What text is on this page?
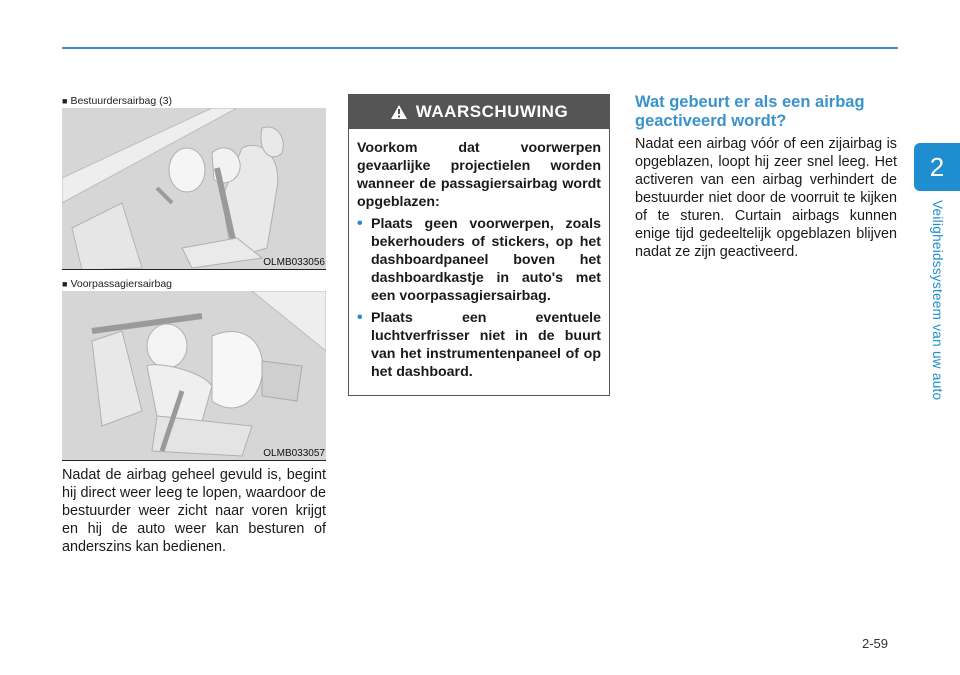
■ Bestuurdersairbag (3)
OLMB033056
■ Voorpassagiersairbag
OLMB033057
Nadat de airbag geheel gevuld is, begint hij direct weer leeg te lopen, waardoor de bestuurder weer zicht naar voren krijgt en hij de auto weer kan besturen of anderszins kan bedienen.
WAARSCHUWING

Voorkom dat voorwerpen gevaarlijke projectielen worden wanneer de passagiersairbag wordt opgeblazen:

• Plaats geen voorwerpen, zoals bekerhouders of stickers, op het dashboardpaneel boven het dashboardkastje in auto's met een voorpassagiersairbag.
• Plaats een eventuele luchtverfrisser niet in de buurt van het instrumentenpaneel of op het dashboard.
Wat gebeurt er als een airbag geactiveerd wordt?
Nadat een airbag vóór of een zijairbag is opgeblazen, loopt hij zeer snel leeg. Het activeren van een airbag verhindert de bestuurder niet door de voorruit te kijken of te sturen. Curtain airbags kunnen enige tijd gedeeltelijk opgeblazen blijven nadat ze zijn geactiveerd.
2
Veiligheidssysteem van uw auto
2-59
